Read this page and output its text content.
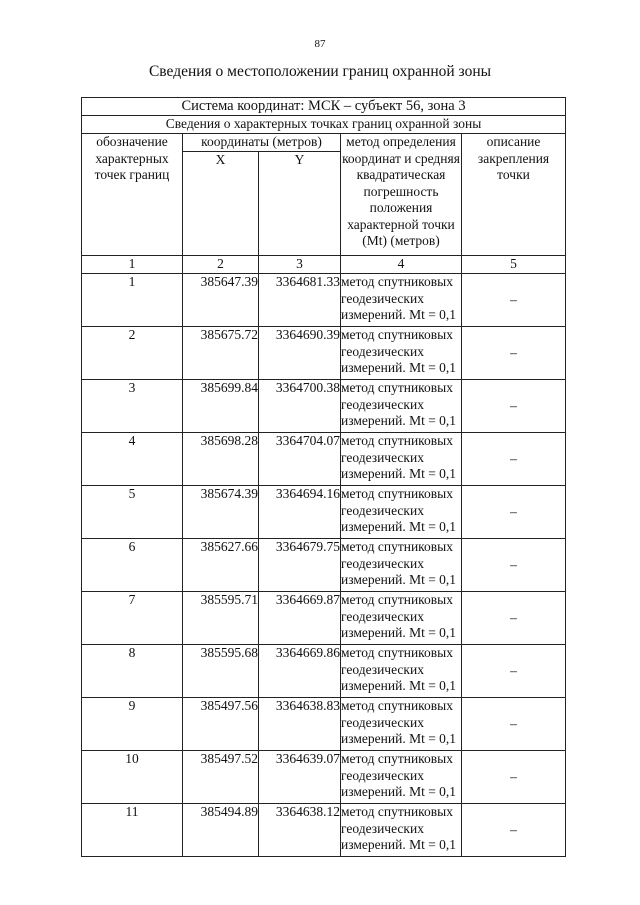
87
Сведения о местоположении границ охранной зоны
Система координат: МСК – субъект 56, зона 3				
Сведения о характерных точках границ охранной зоны				
обозначение характерных точек границ	координаты (метров)		метод определения координат и средняя квадратическая погрешность положения характерной точки (Mt) (метров)	описание закрепления точки
	X	Y		
1	2	3	4	5
1	385647.39	3364681.33	метод спутниковых
геодезических
измерений. Mt = 0,1	–
2	385675.72	3364690.39	метод спутниковых
геодезических
измерений. Mt = 0,1	–
3	385699.84	3364700.38	метод спутниковых
геодезических
измерений. Mt = 0,1	–
4	385698.28	3364704.07	метод спутниковых
геодезических
измерений. Mt = 0,1	–
5	385674.39	3364694.16	метод спутниковых
геодезических
измерений. Mt = 0,1	–
6	385627.66	3364679.75	метод спутниковых
геодезических
измерений. Mt = 0,1	–
7	385595.71	3364669.87	метод спутниковых
геодезических
измерений. Mt = 0,1	–
8	385595.68	3364669.86	метод спутниковых
геодезических
измерений. Mt = 0,1	–
9	385497.56	3364638.83	метод спутниковых
геодезических
измерений. Mt = 0,1	–
10	385497.52	3364639.07	метод спутниковых
геодезических
измерений. Mt = 0,1	–
11	385494.89	3364638.12	метод спутниковых
геодезических
измерений. Mt = 0,1	–
